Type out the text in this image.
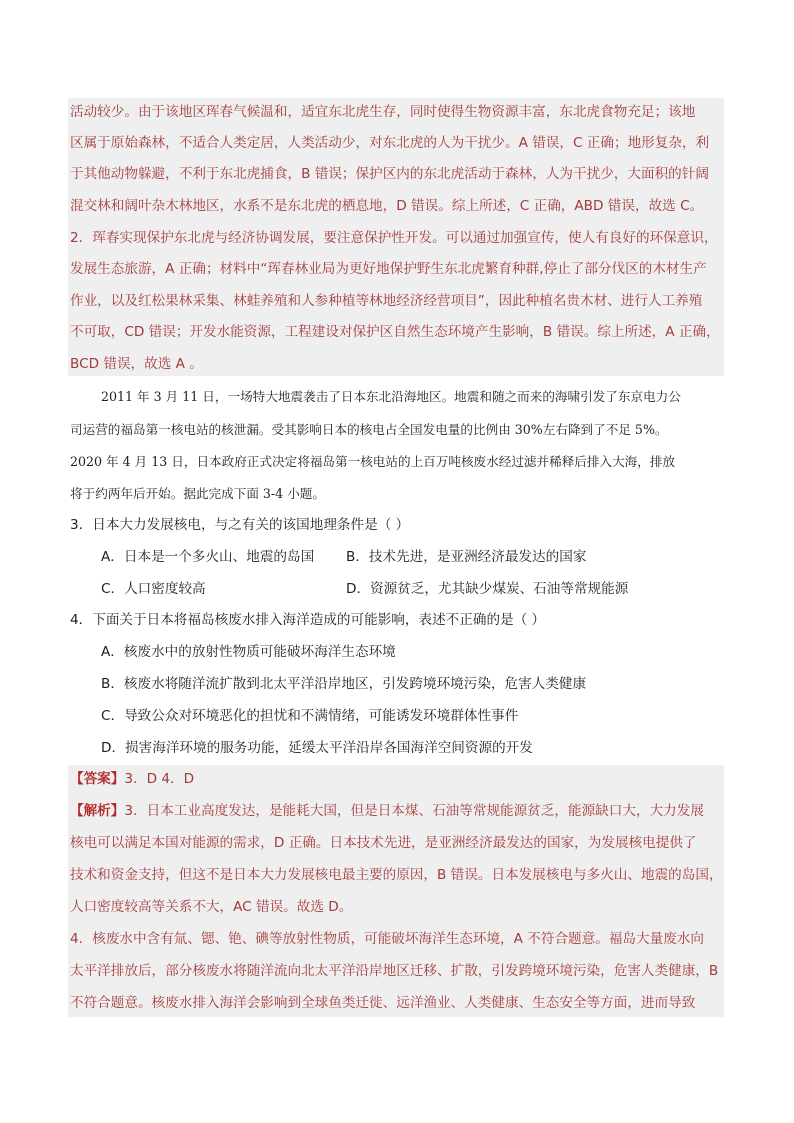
活动较少。由于该地区珲春气候温和，适宜东北虎生存，同时使得生物资源丰富，东北虎食物充足；该地
区属于原始森林，不适合人类定居，人类活动少，对东北虎的人为干扰少。A 错误，C 正确；地形复杂，利
于其他动物躲避，不利于东北虎捕食，B 错误；保护区内的东北虎活动于森林，人为干扰少，大面积的针阔
混交林和阔叶杂木林地区，水系不是东北虎的栖息地，D 错误。综上所述，C 正确，ABD 错误，故选 C。
2．珲春实现保护东北虎与经济协调发展，要注意保护性开发。可以通过加强宣传，使人有良好的环保意识，
发展生态旅游，A 正确；材料中“珲春林业局为更好地保护野生东北虎繁育种群,停止了部分伐区的木材生产
作业，以及红松果林采集、林蛙养殖和人参种植等林地经济经营项目”，因此种植名贵木材、进行人工养殖
不可取，CD 错误；开发水能资源，工程建设对保护区自然生态环境产生影响，B 错误。综上所述，A 正确，
BCD 错误，故选 A 。
2011 年 3 月 11 日，一场特大地震袭击了日本东北沿海地区。地震和随之而来的海啸引发了东京电力公
司运营的福岛第一核电站的核泄漏。受其影响日本的核电占全国发电量的比例由 30%左右降到了不足 5%。
2020 年 4 月 13 日，日本政府正式决定将福岛第一核电站的上百万吨核废水经过滤并稀释后排入大海，排放
将于约两年后开始。据此完成下面 3-4 小题。
3．日本大力发展核电，与之有关的该国地理条件是（ ）
A．日本是一个多火山、地震的岛国 B．技术先进，是亚洲经济最发达的国家
C．人口密度较高	D．资源贫乏，尤其缺少煤炭、石油等常规能源
4．下面关于日本将福岛核废水排入海洋造成的可能影响，表述不正确的是（ ）
A．核废水中的放射性物质可能破坏海洋生态环境
B．核废水将随洋流扩散到北太平洋沿岸地区，引发跨境环境污染，危害人类健康
C．导致公众对环境恶化的担忧和不满情绪，可能诱发环境群体性事件
D．损害海洋环境的服务功能，延缓太平洋沿岸各国海洋空间资源的开发
【答案】3．D 4．D
【解析】3．日本工业高度发达，是能耗大国，但是日本煤、石油等常规能源贫乏，能源缺口大，大力发展
核电可以满足本国对能源的需求，D 正确。日本技术先进，是亚洲经济最发达的国家，为发展核电提供了
技术和资金支持，但这不是日本大力发展核电最主要的原因，B 错误。日本发展核电与多火山、地震的岛国，
人口密度较高等关系不大，AC 错误。故选 D。
4．核废水中含有氚、锶、铯、碘等放射性物质，可能破坏海洋生态环境，A 不符合题意。福岛大量废水向
太平洋排放后，部分核废水将随洋流向北太平洋沿岸地区迁移、扩散，引发跨境环境污染，危害人类健康，B
不符合题意。核废水排入海洋会影响到全球鱼类迁徙、远洋渔业、人类健康、生态安全等方面，进而导致
